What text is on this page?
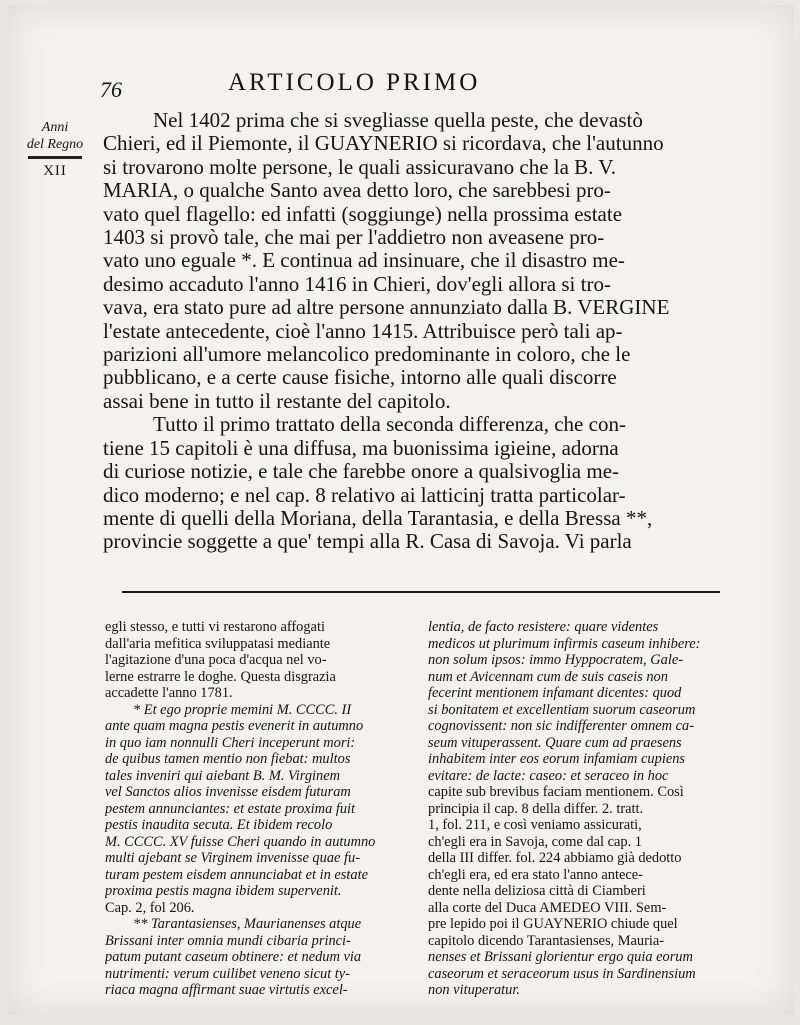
76	ARTICOLO PRIMO
Anni
del Regno
XII
Nel 1402 prima che si svegliasse quella peste, che devastò
Chieri, ed il Piemonte, il GUAYNERIO si ricordava, che l'autunno
si trovarono molte persone, le quali assicuravano che la B. V.
MARIA, o qualche Santo avea detto loro, che sarebbesi pro-
vato quel flagello: ed infatti (soggiunge) nella prossima estate
1403 si provò tale, che mai per l'addietro non aveasene pro-
vato uno eguale *. E continua ad insinuare, che il disastro me-
desimo accaduto l'anno 1416 in Chieri, dov'egli allora si tro-
vava, era stato pure ad altre persone annunziato dalla B. VERGINE
l'estate antecedente, cioè l'anno 1415. Attribuisce però tali ap-
parizioni all'umore melancolico predominante in coloro, che le
pubblicano, e a certe cause fisiche, intorno alle quali discorre
assai bene in tutto il restante del capitolo.
Tutto il primo trattato della seconda differenza, che con-
tiene 15 capitoli è una diffusa, ma buonissima igieine, adorna
di curiose notizie, e tale che farebbe onore a qualsivoglia me-
dico moderno; e nel cap. 8 relativo ai latticinj tratta particolar-
mente di quelli della Moriana, della Tarantasia, e della Bressa **,
provincie soggette a que' tempi alla R. Casa di Savoja. Vi parla
egli stesso, e tutti vi restarono affogati
dall'aria mefitica sviluppatasi mediante
l'agitazione d'una poca d'acqua nel vo-
lerne estrarre le doghe. Questa disgrazia
accadette l'anno 1781.
* Et ego proprie memini M. CCCC. II
ante quam magna pestis evenerit in autumno
in quo iam nonnulli Cheri inceperunt mori:
de quibus tamen mentio non fiebat: multos
tales inveniri qui aiebant B. M. Virginem
vel Sanctos alios invenisse eisdem futuram
pestem annunciantes: et estate proxima fuit
pestis inaudita secuta. Et ibidem recolo
M. CCCC. XV fuisse Cheri quando in autumno
multi ajebant se Virginem invenisse quae fu-
turam pestem eisdem annunciabat et in estate
proxima pestis magna ibidem supervenit.
Cap. 2, fol 206.
** Tarantasienses, Maurianenses atque
Brissani inter omnia mundi cibaria princi-
patum putant caseum obtinere: et nedum via
nutrimenti: verum cuilibet veneno sicut ty-
riaca magna affirmant suae virtutis excel-
lentia, de facto resistere: quare videntes
medicos ut plurimum infirmis caseum inhibere:
non solum ipsos: immo Hyppocratem, Gale-
num et Avicennam cum de suis caseis non
fecerint mentionem infamant dicentes: quod
si bonitatem et excellentiam suorum caseorum
cognovissent: non sic indifferenter omnem ca-
seum vituperassent. Quare cum ad praesens
inhabitem inter eos eorum infamiam cupiens
evitare: de lacte: caseo: et seraceo in hoc
capite sub brevibus faciam mentionem. Così
principia il cap. 8 della differ. 2. tratt.
1, fol. 211, e così veniamo assicurati,
ch'egli era in Savoja, come dal cap. 1
della III differ. fol. 224 abbiamo già dedotto
ch'egli era, ed era stato l'anno antece-
dente nella deliziosa città di Ciamberi
alla corte del Duca AMEDEO VIII. Sem-
pre lepido poi il GUAYNERIO chiude quel
capitolo dicendo Tarantasienses, Mauria-
nenses et Brissani glorientur ergo quia eorum
caseorum et seraceorum usus in Sardinensium
non vituperatur.
